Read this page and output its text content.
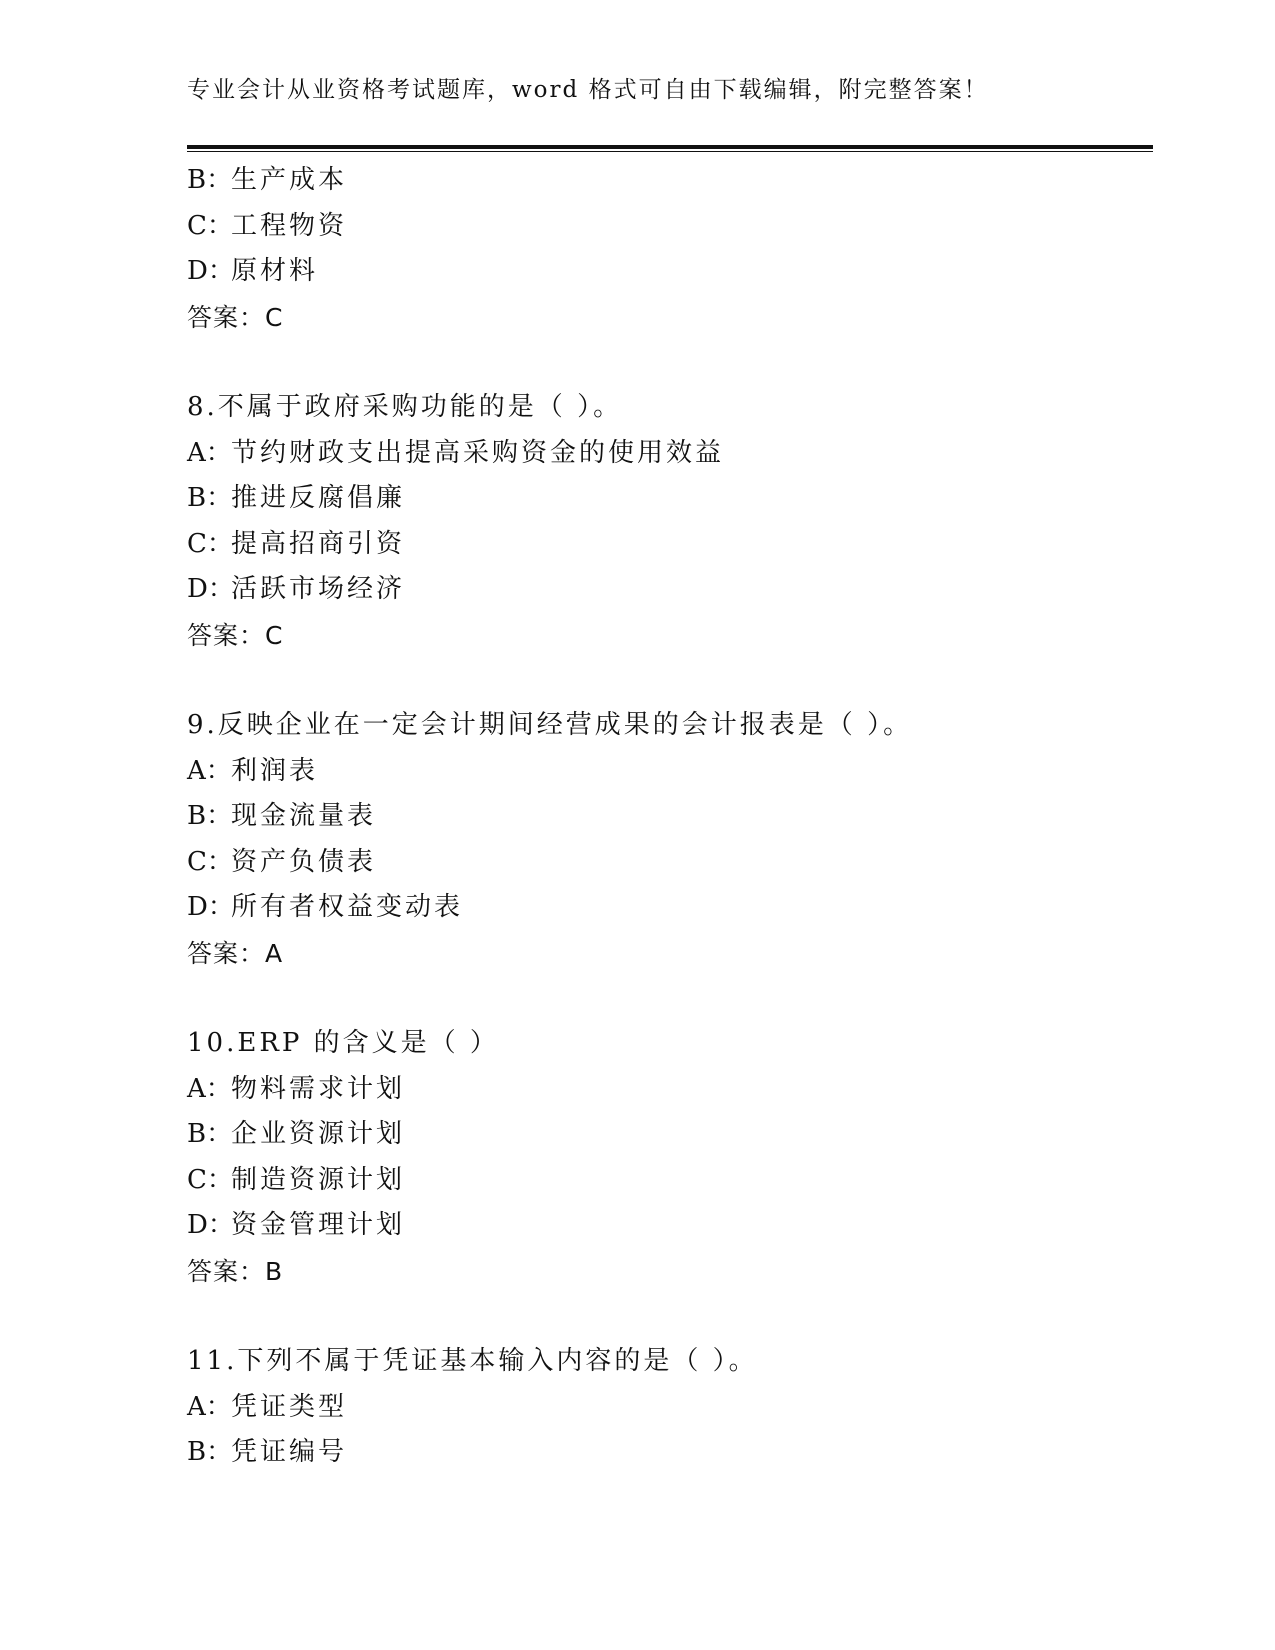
专业会计从业资格考试题库，word 格式可自由下载编辑，附完整答案！
B：生产成本
C：工程物资
D：原材料
答案：C
8.不属于政府采购功能的是（ ）。
A：节约财政支出提高采购资金的使用效益
B：推进反腐倡廉
C：提高招商引资
D：活跃市场经济
答案：C
9.反映企业在一定会计期间经营成果的会计报表是（ ）。
A：利润表
B：现金流量表
C：资产负债表
D：所有者权益变动表
答案：A
10.ERP 的含义是（ ）
A：物料需求计划
B：企业资源计划
C：制造资源计划
D：资金管理计划
答案：B
11.下列不属于凭证基本输入内容的是（ ）。
A：凭证类型
B：凭证编号
